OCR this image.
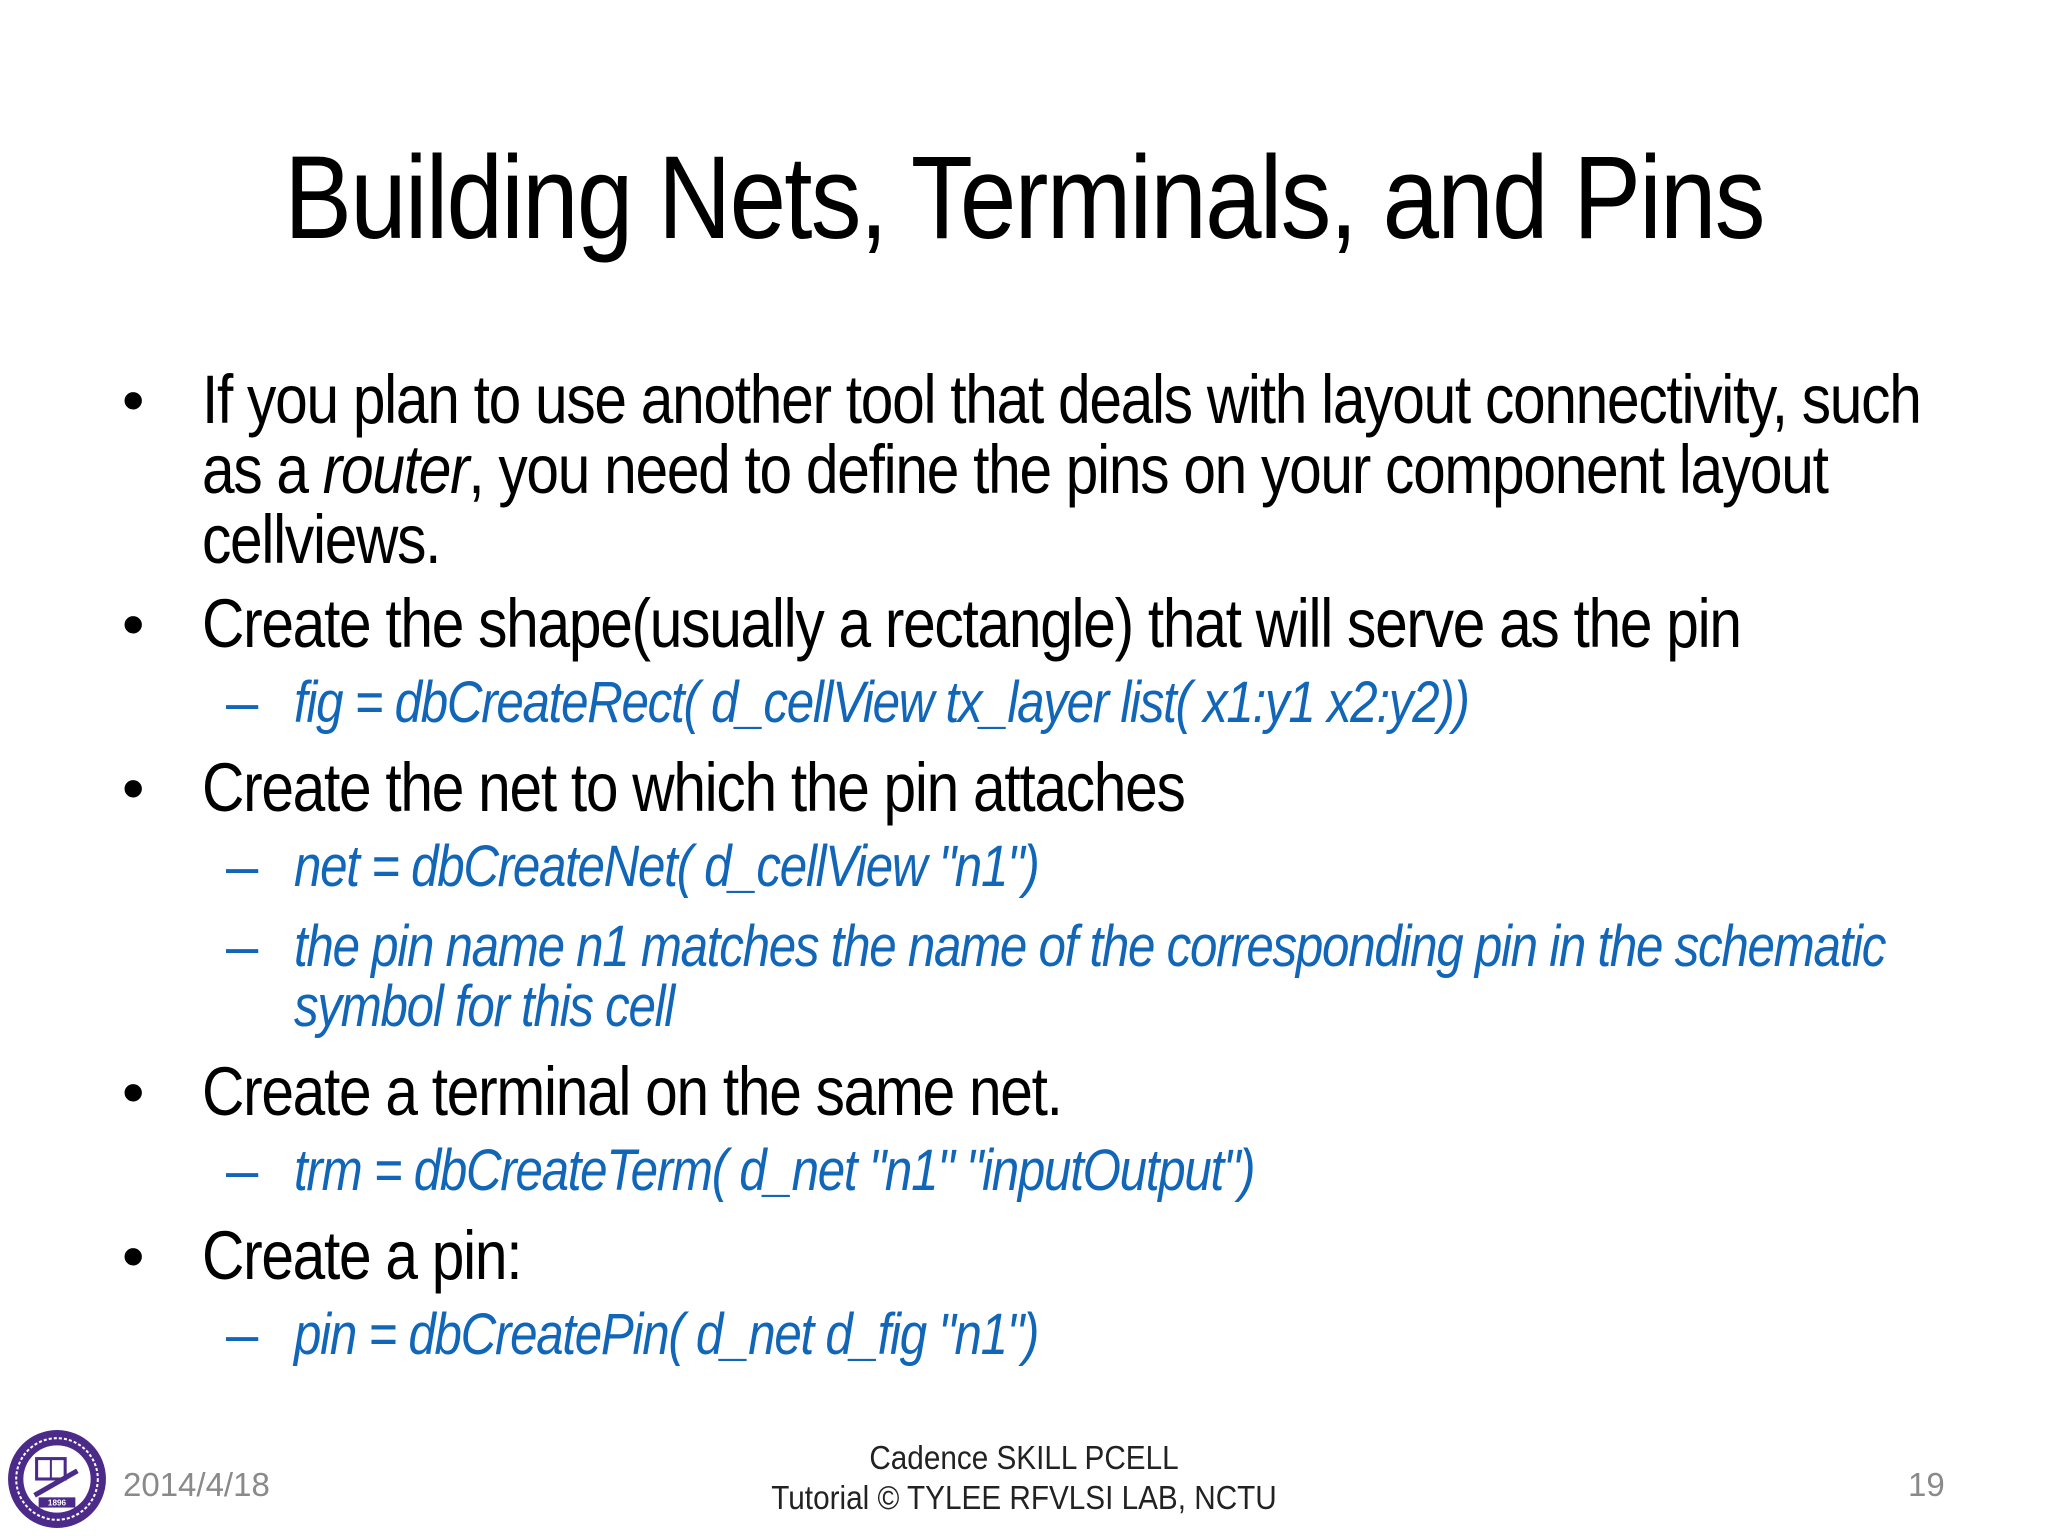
Building Nets, Terminals, and Pins
• If you plan to use another tool that deals with layout connectivity, such as a router, you need to define the pins on your component layout cellviews.
• Create the shape(usually a rectangle) that will serve as the pin
– fig = dbCreateRect( d_cellView tx_layer list( x1:y1 x2:y2))
• Create the net to which the pin attaches
– net = dbCreateNet( d_cellView "n1")
– the pin name n1 matches the name of the corresponding pin in the schematic symbol for this cell
• Create a terminal on the same net.
– trm = dbCreateTerm( d_net "n1" "inputOutput")
• Create a pin:
– pin = dbCreatePin( d_net d_fig "n1")
1896
2014/4/18
Cadence SKILL PCELL
Tutorial © TYLEE RFVLSI LAB, NCTU	19
